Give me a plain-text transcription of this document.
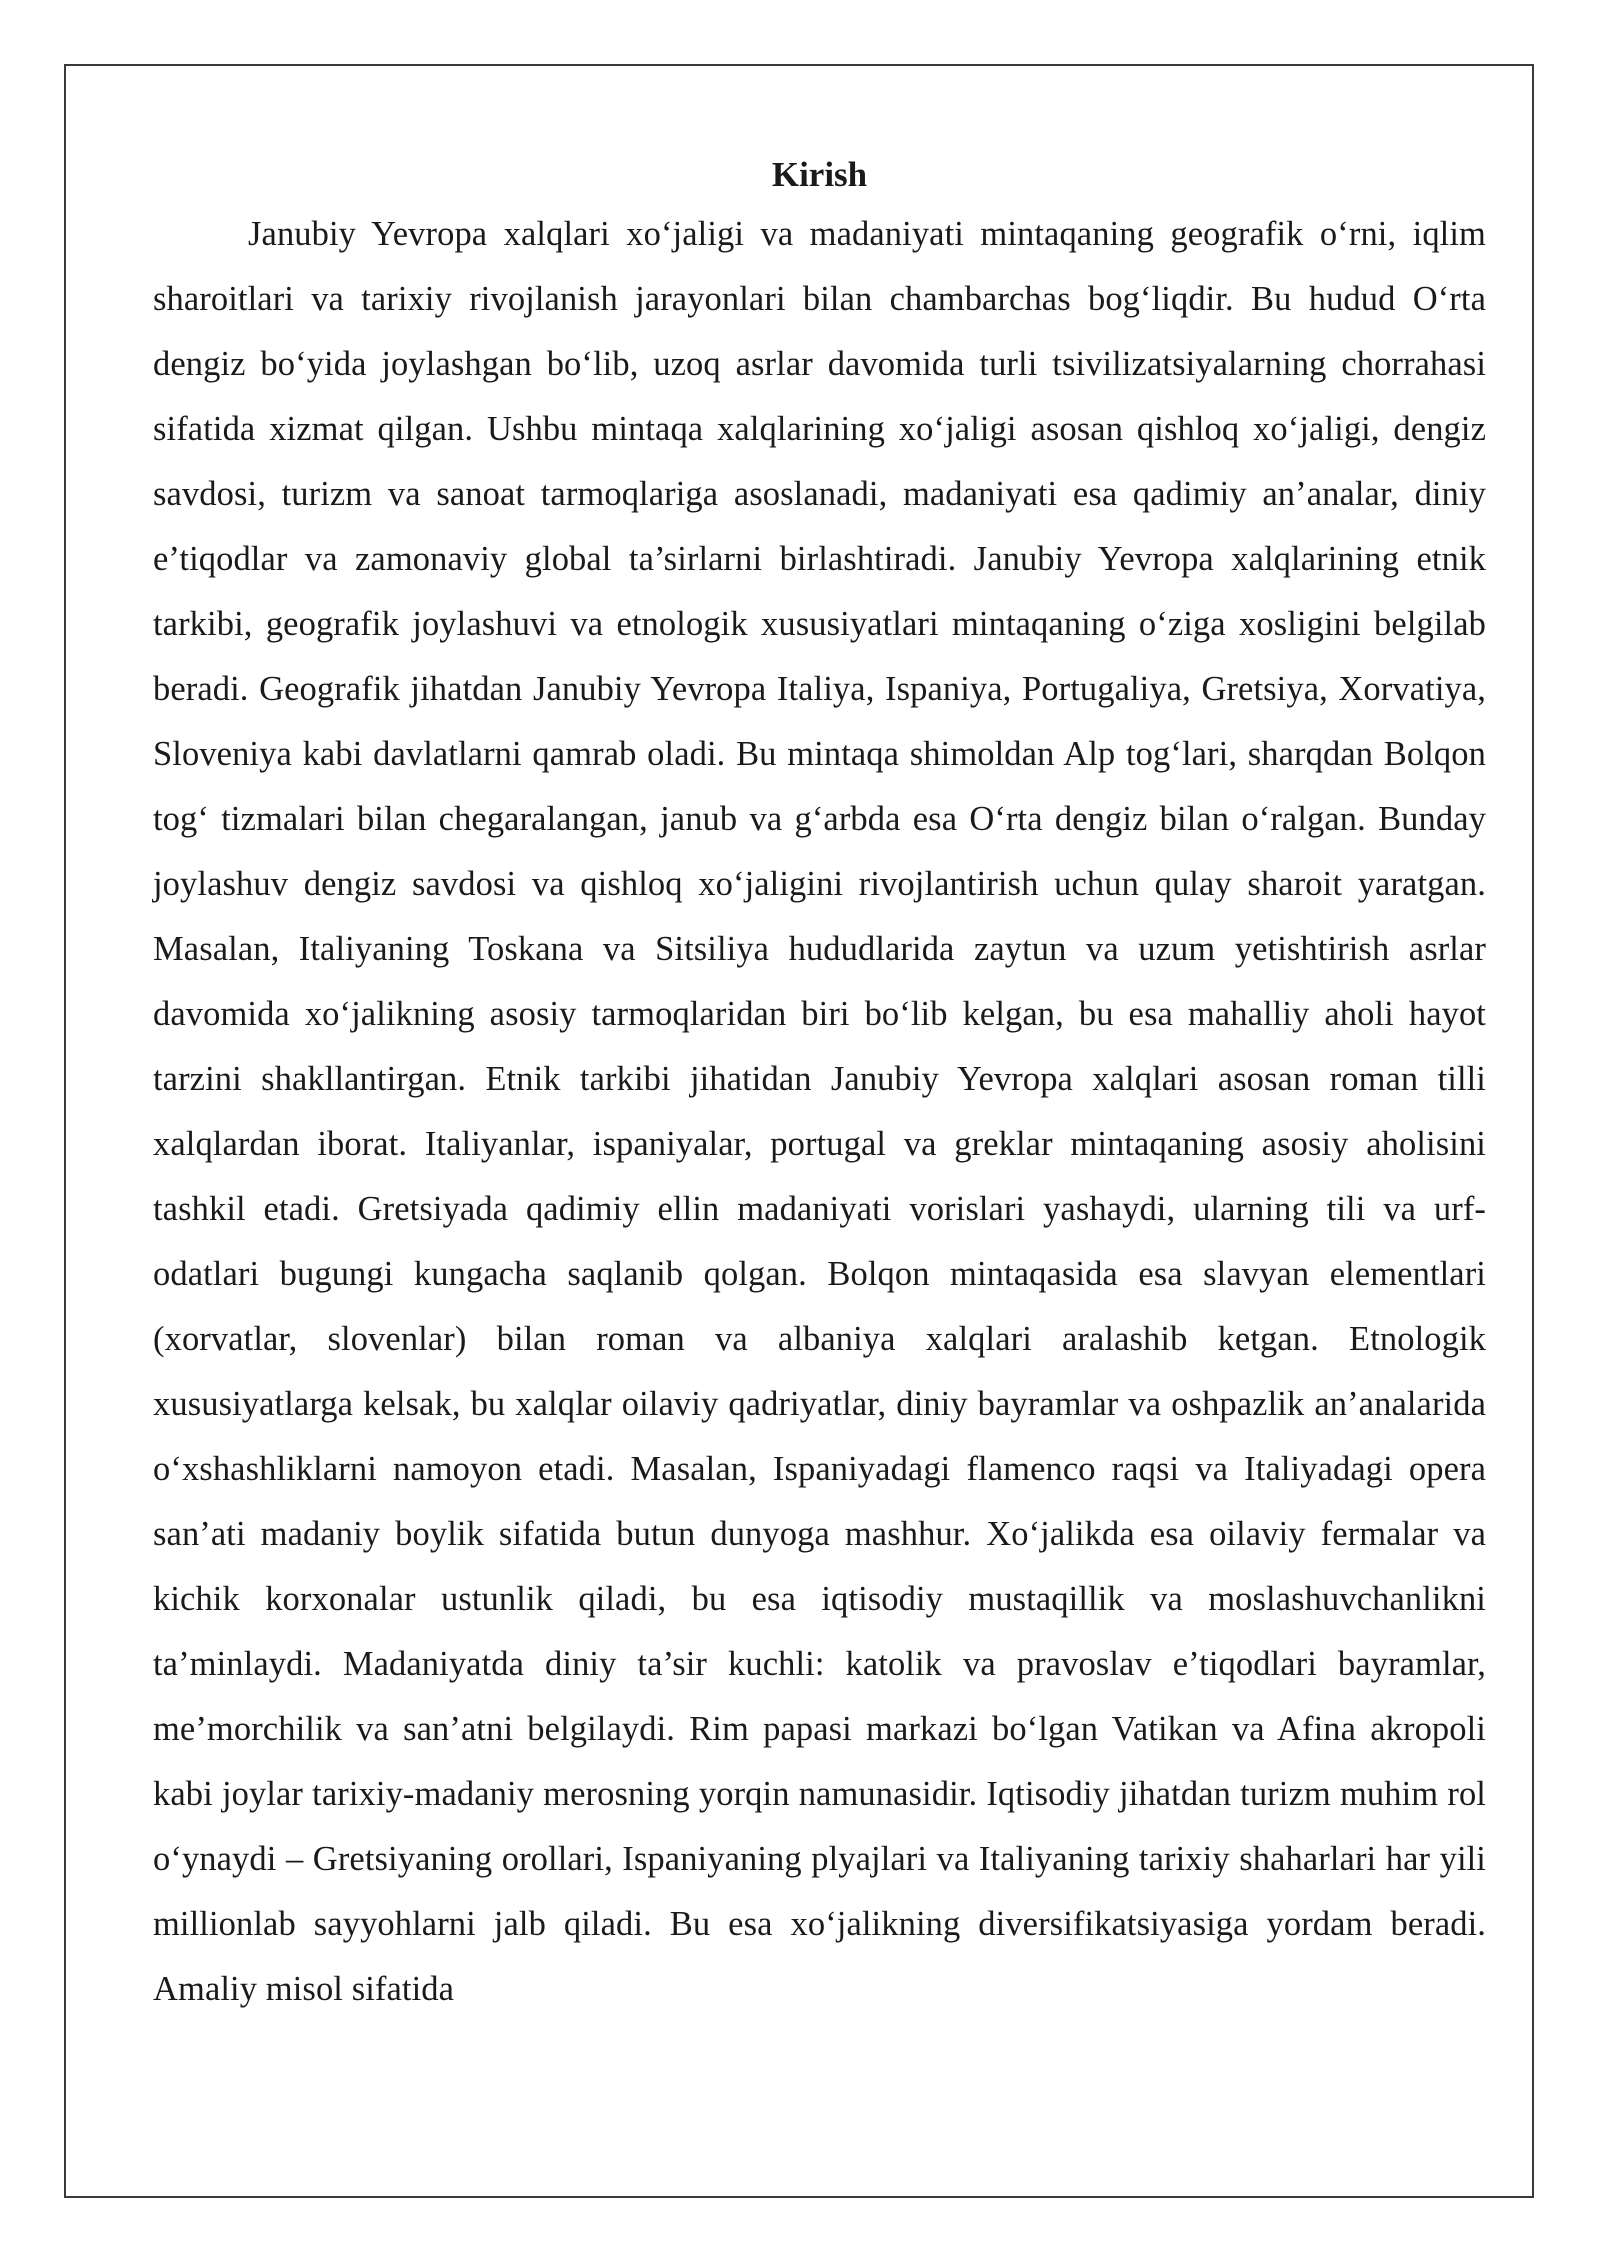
Kirish

Janubiy Yevropa xalqlari xo‘jaligi va madaniyati mintaqaning geografik o‘rni, iqlim sharoitlari va tarixiy rivojlanish jarayonlari bilan chambarchas bog‘liqdir. Bu hudud O‘rta dengiz bo‘yida joylashgan bo‘lib, uzoq asrlar davomida turli tsivilizatsiyalarning chorrahasi sifatida xizmat qilgan. Ushbu mintaqa xalqlarining xo‘jaligi asosan qishloq xo‘jaligi, dengiz savdosi, turizm va sanoat tarmoqlariga asoslanadi, madaniyati esa qadimiy an’analar, diniy e’tiqodlar va zamonaviy global ta’sirlarni birlashtiradi. Janubiy Yevropa xalqlarining etnik tarkibi, geografik joylashuvi va etnologik xususiyatlari mintaqaning o‘ziga xosligini belgilab beradi. Geografik jihatdan Janubiy Yevropa Italiya, Ispaniya, Portugaliya, Gretsiya, Xorvatiya, Sloveniya kabi davlatlarni qamrab oladi. Bu mintaqa shimoldan Alp tog‘lari, sharqdan Bolqon tog‘ tizmalari bilan chegaralangan, janub va g‘arbda esa O‘rta dengiz bilan o‘ralgan. Bunday joylashuv dengiz savdosi va qishloq xo‘jaligini rivojlantirish uchun qulay sharoit yaratgan. Masalan, Italiyaning Toskana va Sitsiliya hududlarida zaytun va uzum yetishtirish asrlar davomida xo‘jalikning asosiy tarmoqlaridan biri bo‘lib kelgan, bu esa mahalliy aholi hayot tarzini shakllantirgan. Etnik tarkibi jihatidan Janubiy Yevropa xalqlari asosan roman tilli xalqlardan iborat. Italiyanlar, ispaniyalar, portugal va greklar mintaqaning asosiy aholisini tashkil etadi. Gretsiyada qadimiy ellin madaniyati vorislari yashaydi, ularning tili va urf-odatlari bugungi kungacha saqlanib qolgan. Bolqon mintaqasida esa slavyan elementlari (xorvatlar, slovenlar) bilan roman va albaniya xalqlari aralashib ketgan. Etnologik xususiyatlarga kelsak, bu xalqlar oilaviy qadriyatlar, diniy bayramlar va oshpazlik an’analarida o‘xshashliklarni namoyon etadi. Masalan, Ispaniyadagi flamenco raqsi va Italiyadagi opera san’ati madaniy boylik sifatida butun dunyoga mashhur. Xo‘jalikda esa oilaviy fermalar va kichik korxonalar ustunlik qiladi, bu esa iqtisodiy mustaqillik va moslashuvchanlikni ta’minlaydi. Madaniyatda diniy ta’sir kuchli: katolik va pravoslav e’tiqodlari bayramlar, me’morchilik va san’atni belgilaydi. Rim papasi markazi bo‘lgan Vatikan va Afina akropoli kabi joylar tarixiy-madaniy merosning yorqin namunasidir. Iqtisodiy jihatdan turizm muhim rol o‘ynaydi – Gretsiyaning orollari, Ispaniyaning plyajlari va Italiyaning tarixiy shaharlari har yili millionlab sayyohlarni jalb qiladi. Bu esa xo‘jalikning diversifikatsiyasiga yordam beradi. Amaliy misol sifatida
